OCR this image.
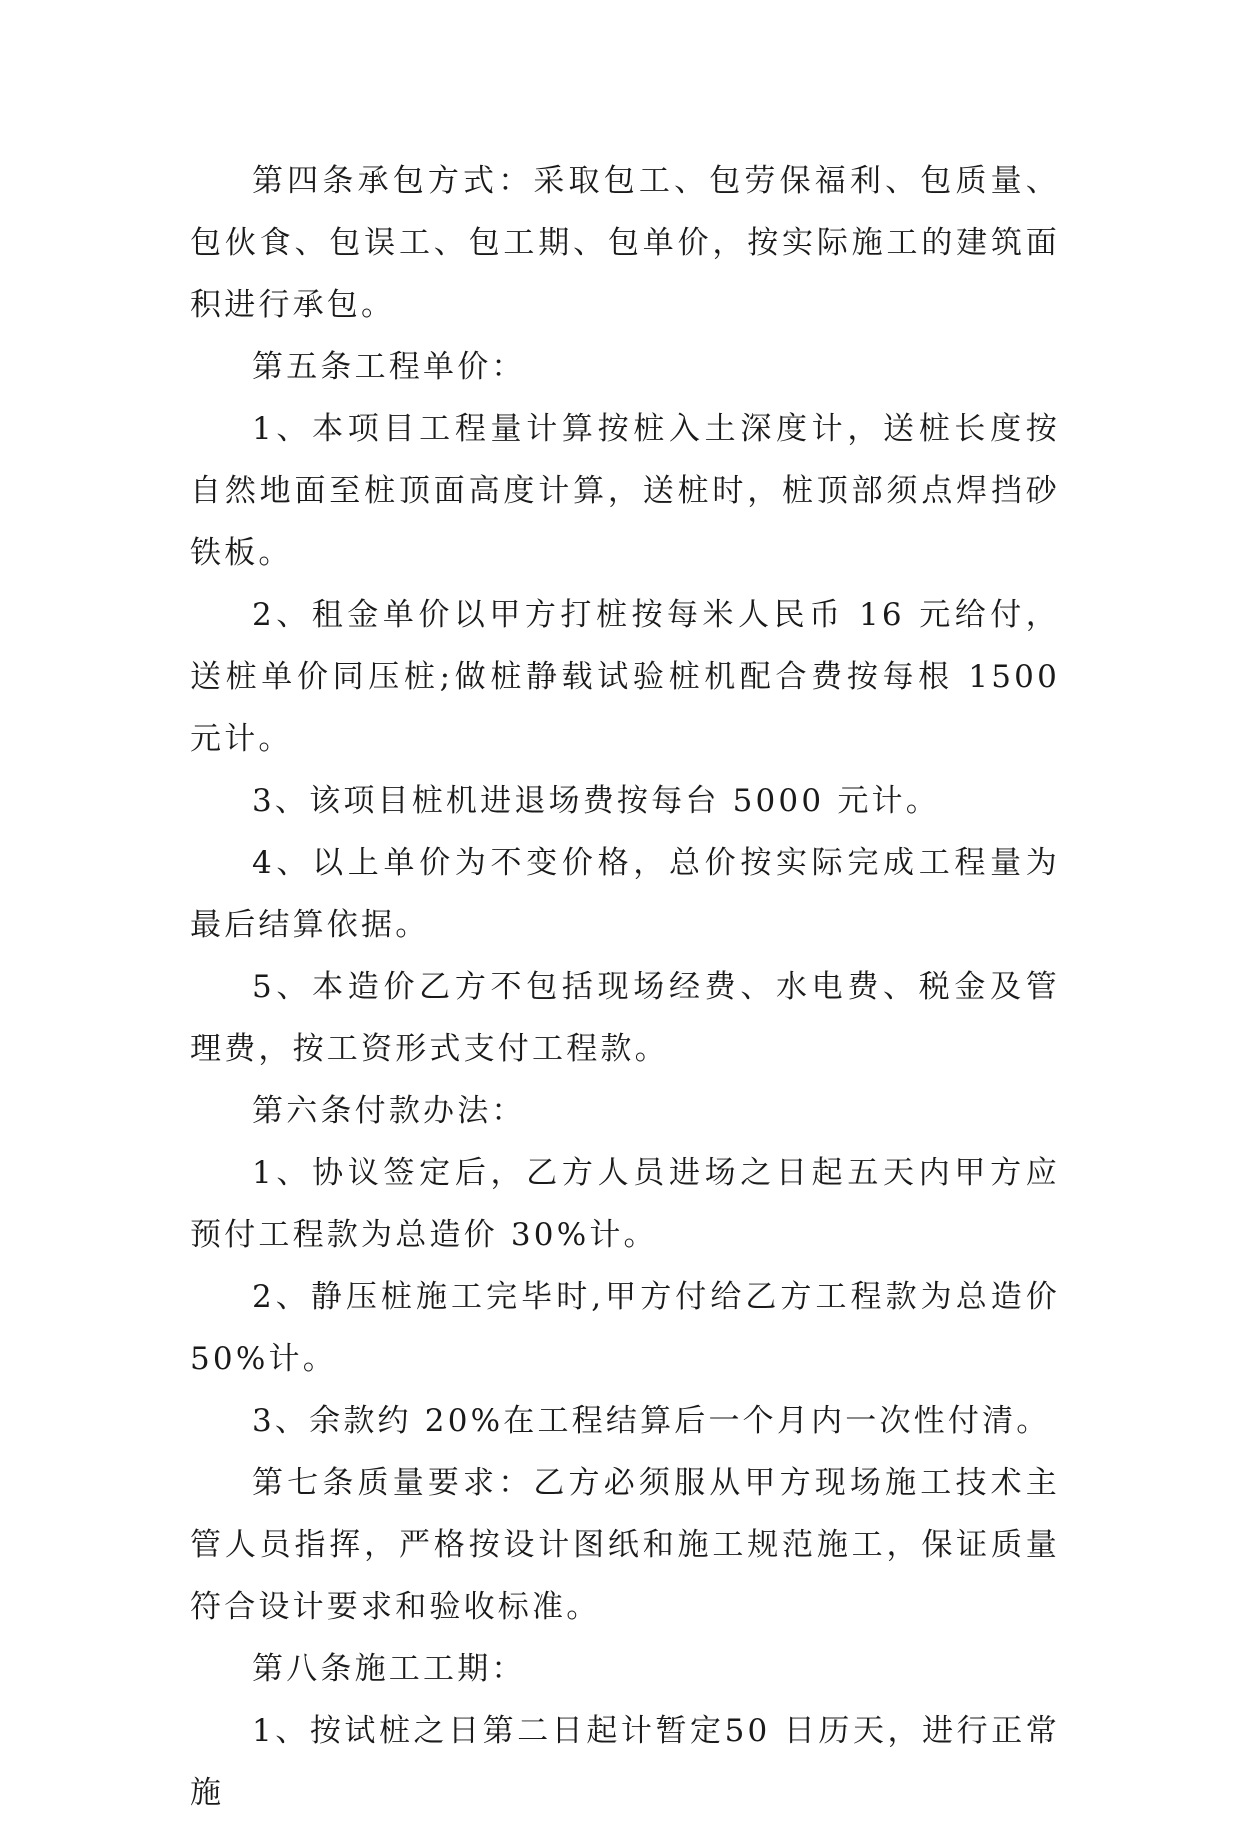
第四条承包方式：采取包工、包劳保福利、包质量、包伙食、包误工、包工期、包单价，按实际施工的建筑面积进行承包。

第五条工程单价：

1、本项目工程量计算按桩入土深度计，送桩长度按自然地面至桩顶面高度计算，送桩时，桩顶部须点焊挡砂铁板。

2、租金单价以甲方打桩按每米人民币 16 元给付，送桩单价同压桩;做桩静载试验桩机配合费按每根 1500 元计。

3、该项目桩机进退场费按每台 5000 元计。

4、以上单价为不变价格，总价按实际完成工程量为最后结算依据。

5、本造价乙方不包括现场经费、水电费、税金及管理费，按工资形式支付工程款。

第六条付款办法：

1、协议签定后，乙方人员进场之日起五天内甲方应预付工程款为总造价 30%计。

2、静压桩施工完毕时,甲方付给乙方工程款为总造价50%计。

3、余款约 20%在工程结算后一个月内一次性付清。

第七条质量要求：乙方必须服从甲方现场施工技术主管人员指挥，严格按设计图纸和施工规范施工，保证质量符合设计要求和验收标准。

第八条施工工期：

1、按试桩之日第二日起计暂定50 日历天，进行正常施
